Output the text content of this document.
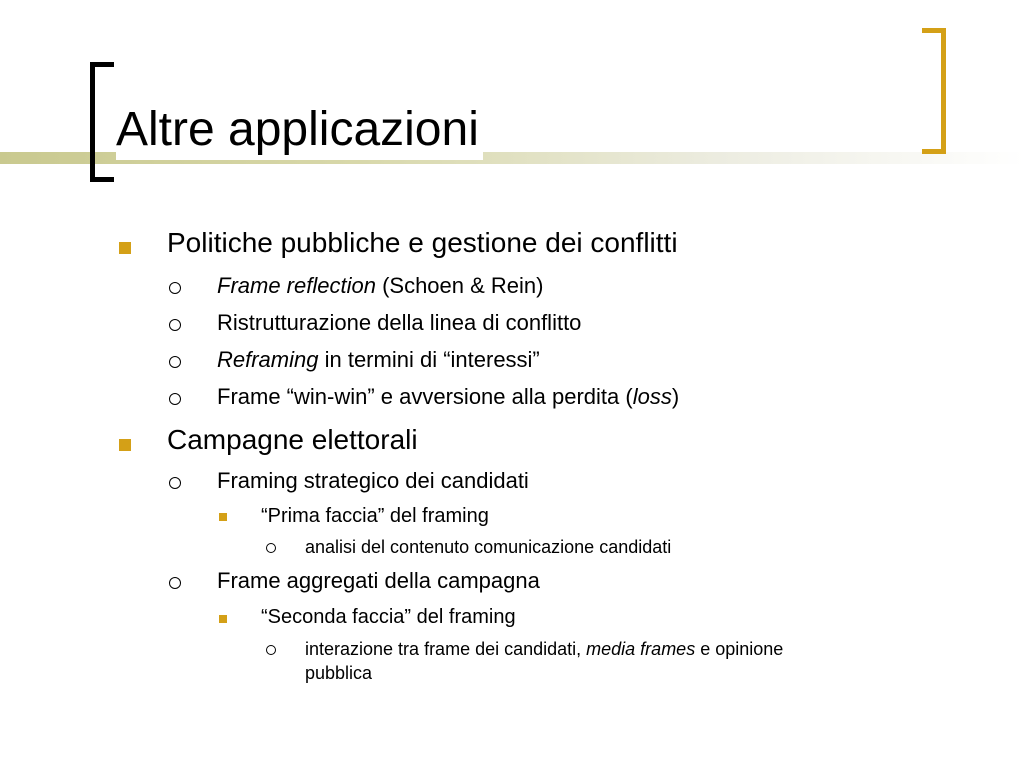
Altre applicazioni
Politiche pubbliche e gestione dei conflitti
Frame reflection (Schoen & Rein)
Ristrutturazione della linea di conflitto
Reframing in termini di “interessi”
Frame “win-win” e avversione alla perdita (loss)
Campagne elettorali
Framing strategico dei candidati
“Prima faccia” del framing
analisi del contenuto comunicazione candidati
Frame aggregati della campagna
“Seconda faccia” del framing
interazione tra frame dei candidati, media frames e opinione
pubblica
